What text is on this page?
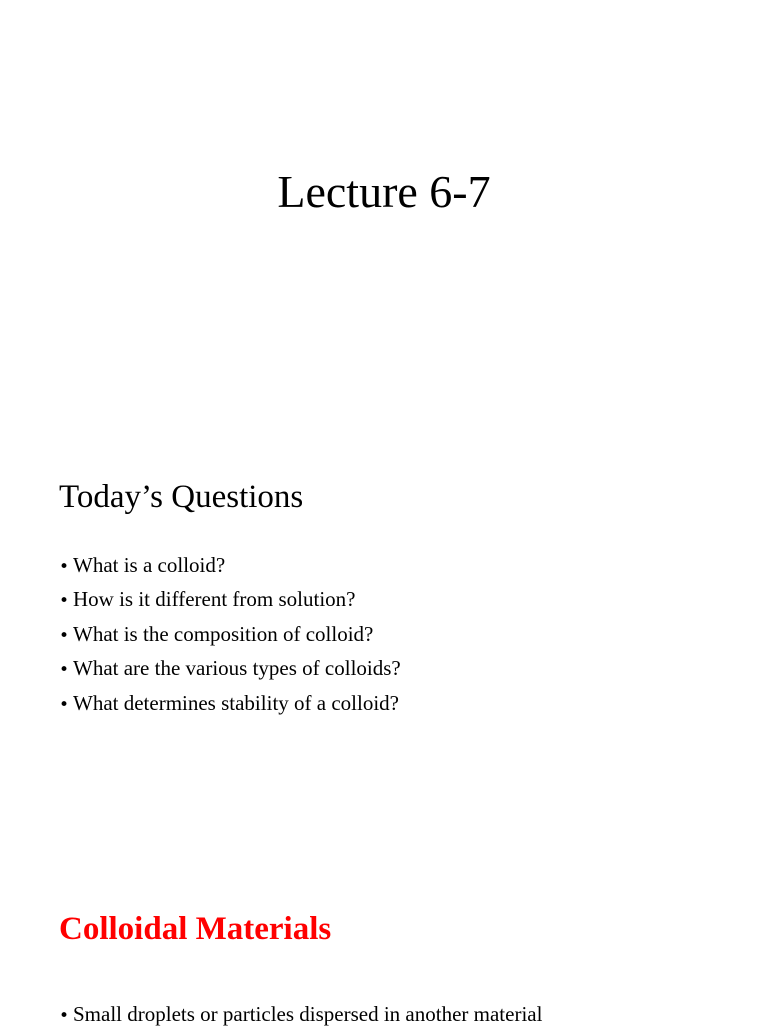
Lecture 6-7
Today’s Questions
• What is a colloid?
• How is it different from solution?
• What is the composition of colloid?
• What are the various types of colloids?
• What determines stability of a colloid?
Colloidal Materials
• Small droplets or particles dispersed in another material
